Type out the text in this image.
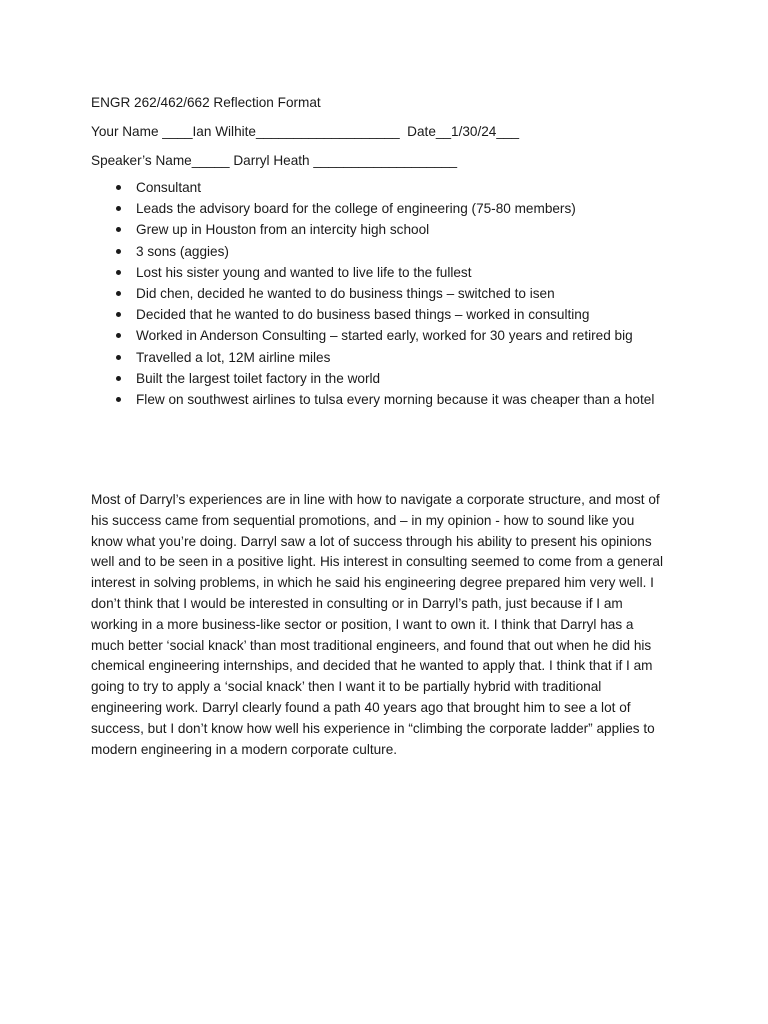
ENGR 262/462/662 Reflection Format

Your Name ____Ian Wilhite___________________  Date__1/30/24___

Speaker’s Name_____ Darryl Heath ___________________

Consultant
Leads the advisory board for the college of engineering (75-80 members)
Grew up in Houston from an intercity high school
3 sons (aggies)
Lost his sister young and wanted to live life to the fullest
Did chen, decided he wanted to do business things – switched to isen
Decided that he wanted to do business based things – worked in consulting
Worked in Anderson Consulting – started early, worked for 30 years and retired big
Travelled a lot, 12M airline miles
Built the largest toilet factory in the world
Flew on southwest airlines to tulsa every morning because it was cheaper than a hotel
Most of Darryl’s experiences are in line with how to navigate a corporate structure, and most of
his success came from sequential promotions, and – in my opinion - how to sound like you
know what you’re doing. Darryl saw a lot of success through his ability to present his opinions
well and to be seen in a positive light. His interest in consulting seemed to come from a general
interest in solving problems, in which he said his engineering degree prepared him very well. I
don’t think that I would be interested in consulting or in Darryl’s path, just because if I am
working in a more business-like sector or position, I want to own it. I think that Darryl has a
much better ‘social knack’ than most traditional engineers, and found that out when he did his
chemical engineering internships, and decided that he wanted to apply that. I think that if I am
going to try to apply a ‘social knack’ then I want it to be partially hybrid with traditional
engineering work. Darryl clearly found a path 40 years ago that brought him to see a lot of
success, but I don’t know how well his experience in “climbing the corporate ladder” applies to
modern engineering in a modern corporate culture.
